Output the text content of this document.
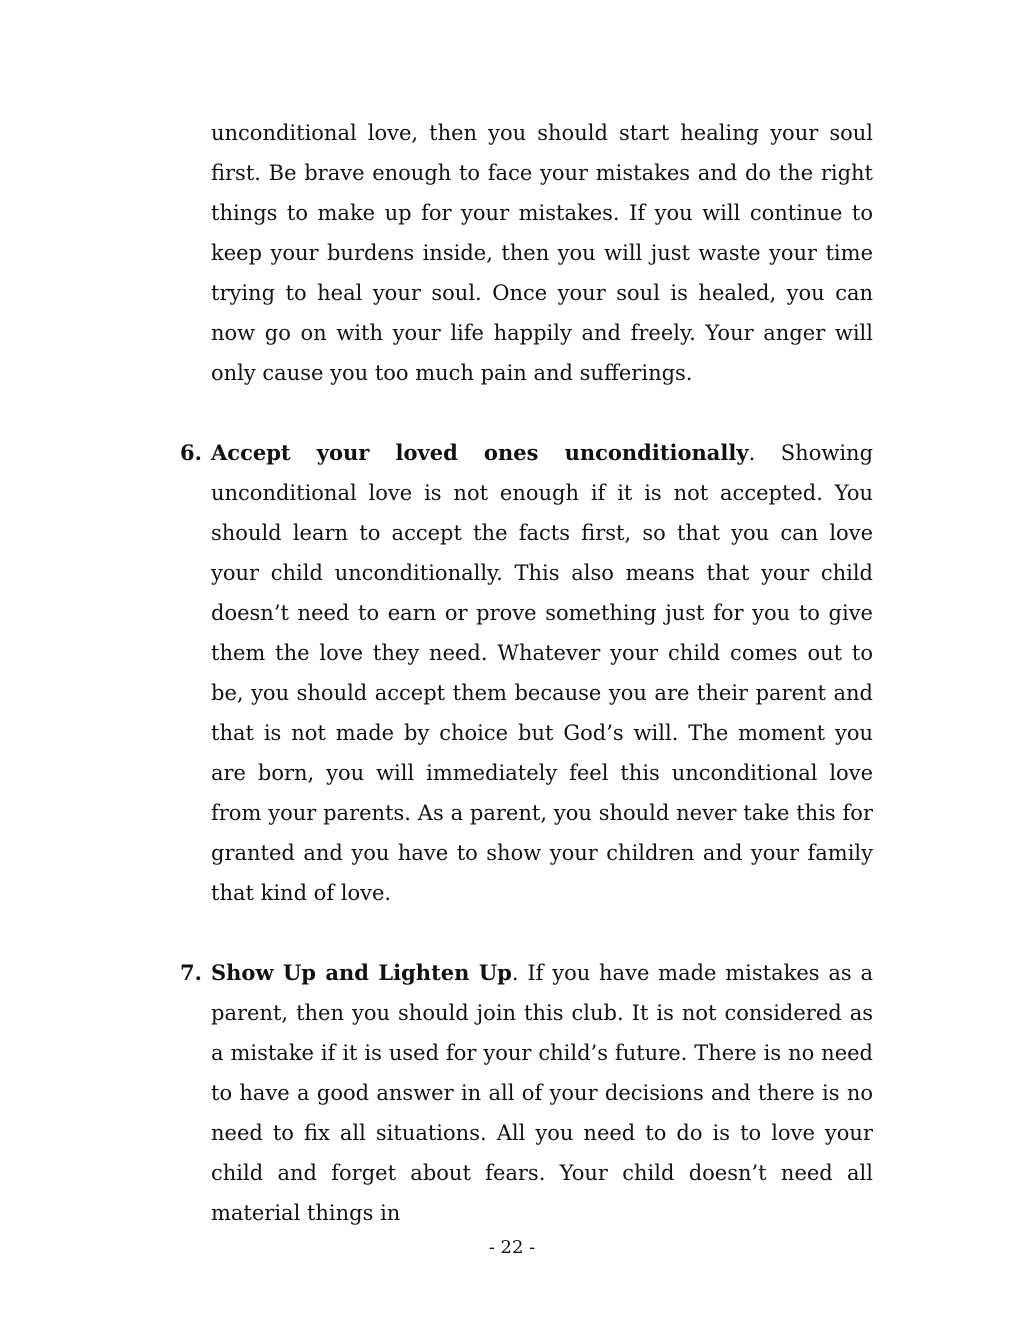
unconditional love, then you should start healing your soul first. Be brave enough to face your mistakes and do the right things to make up for your mistakes. If you will continue to keep your burdens inside, then you will just waste your time trying to heal your soul. Once your soul is healed, you can now go on with your life happily and freely. Your anger will only cause you too much pain and sufferings.

6. Accept your loved ones unconditionally. Showing unconditional love is not enough if it is not accepted. You should learn to accept the facts first, so that you can love your child unconditionally. This also means that your child doesn’t need to earn or prove something just for you to give them the love they need. Whatever your child comes out to be, you should accept them because you are their parent and that is not made by choice but God’s will. The moment you are born, you will immediately feel this unconditional love from your parents. As a parent, you should never take this for granted and you have to show your children and your family that kind of love.

7. Show Up and Lighten Up. If you have made mistakes as a parent, then you should join this club. It is not considered as a mistake if it is used for your child’s future. There is no need to have a good answer in all of your decisions and there is no need to fix all situations. All you need to do is to love your child and forget about fears. Your child doesn’t need all material things in

- 22 -
